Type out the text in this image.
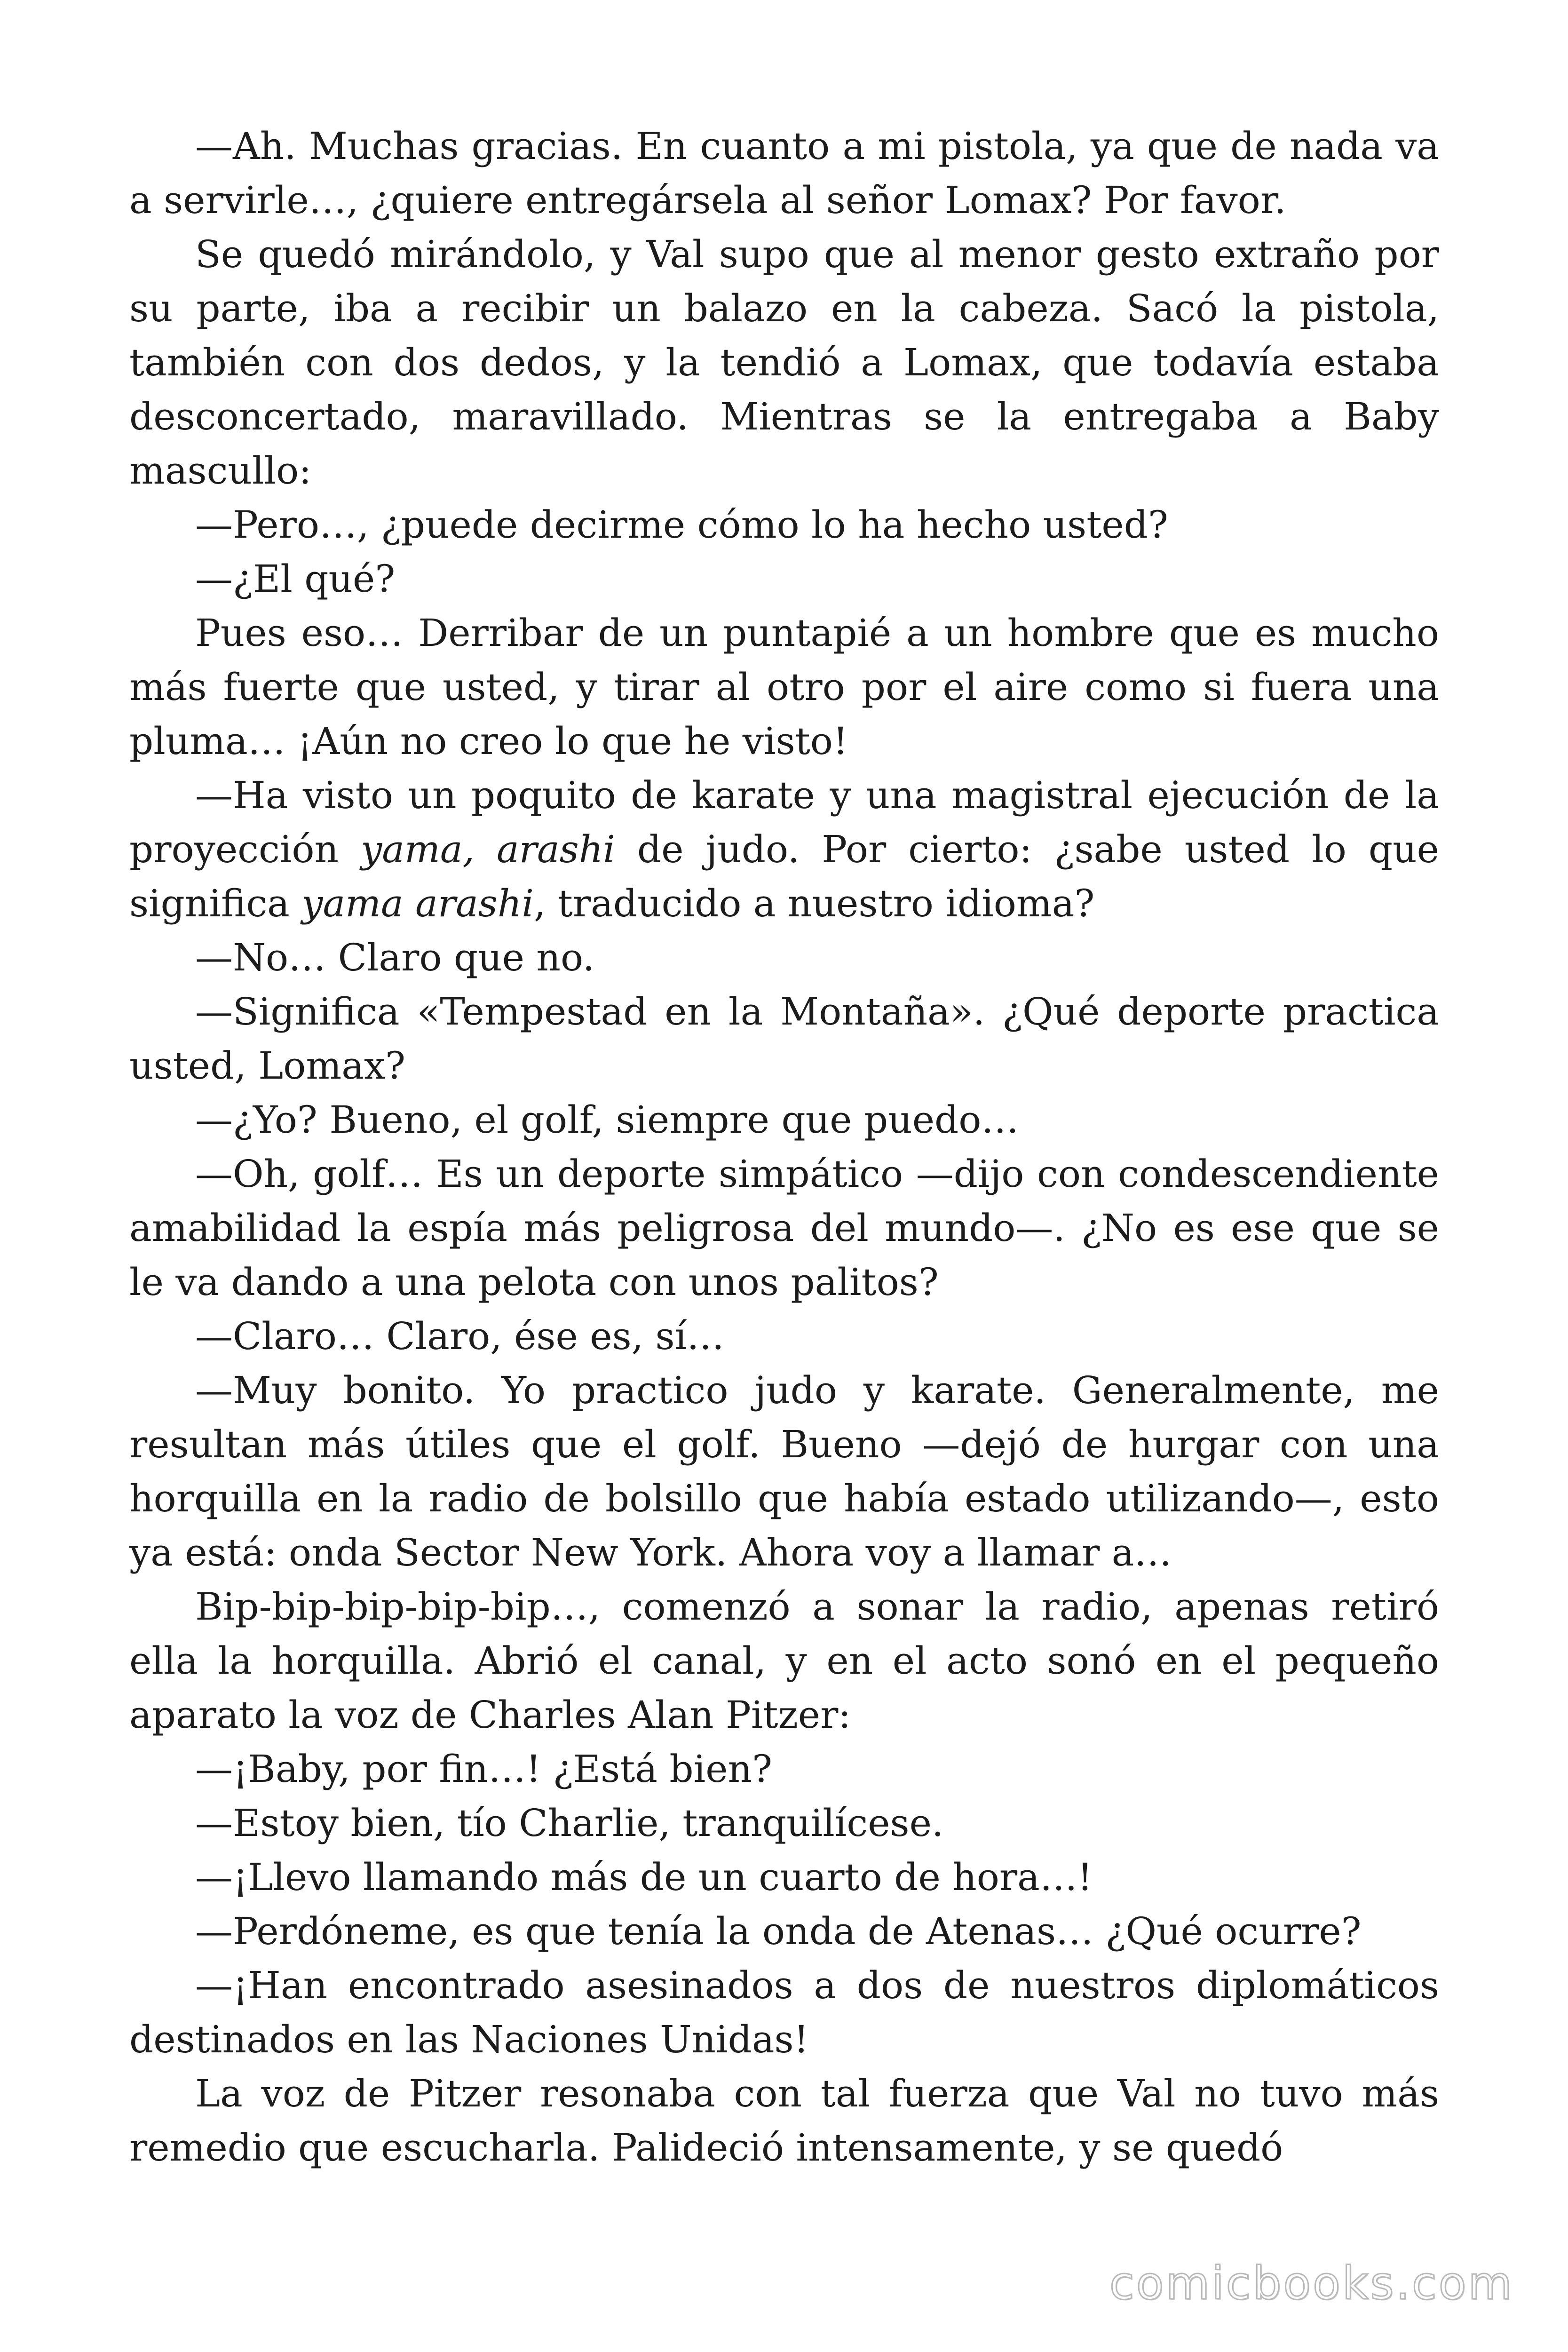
—Ah. Muchas gracias. En cuanto a mi pistola, ya que de nada va a servirle…, ¿quiere entregársela al señor Lomax? Por favor.

Se quedó mirándolo, y Val supo que al menor gesto extraño por su parte, iba a recibir un balazo en la cabeza. Sacó la pistola, también con dos dedos, y la tendió a Lomax, que todavía estaba desconcertado, maravillado. Mientras se la entregaba a Baby mascullo:

—Pero…, ¿puede decirme cómo lo ha hecho usted?

—¿El qué?

Pues eso… Derribar de un puntapié a un hombre que es mucho más fuerte que usted, y tirar al otro por el aire como si fuera una pluma… ¡Aún no creo lo que he visto!

—Ha visto un poquito de karate y una magistral ejecución de la proyección yama, arashi de judo. Por cierto: ¿sabe usted lo que significa yama arashi, traducido a nuestro idioma?

—No… Claro que no.

—Significa «Tempestad en la Montaña». ¿Qué deporte practica usted, Lomax?

—¿Yo? Bueno, el golf, siempre que puedo…

—Oh, golf… Es un deporte simpático —dijo con condescendiente amabilidad la espía más peligrosa del mundo—. ¿No es ese que se le va dando a una pelota con unos palitos?

—Claro… Claro, ése es, sí…

—Muy bonito. Yo practico judo y karate. Generalmente, me resultan más útiles que el golf. Bueno —dejó de hurgar con una horquilla en la radio de bolsillo que había estado utilizando—, esto ya está: onda Sector New York. Ahora voy a llamar a…

Bip-bip-bip-bip-bip…, comenzó a sonar la radio, apenas retiró ella la horquilla. Abrió el canal, y en el acto sonó en el pequeño aparato la voz de Charles Alan Pitzer:

—¡Baby, por fin…! ¿Está bien?

—Estoy bien, tío Charlie, tranquilícese.

—¡Llevo llamando más de un cuarto de hora…!

—Perdóneme, es que tenía la onda de Atenas… ¿Qué ocurre?

—¡Han encontrado asesinados a dos de nuestros diplomáticos destinados en las Naciones Unidas!

La voz de Pitzer resonaba con tal fuerza que Val no tuvo más remedio que escucharla. Palideció intensamente, y se quedó

comicbooks.com
